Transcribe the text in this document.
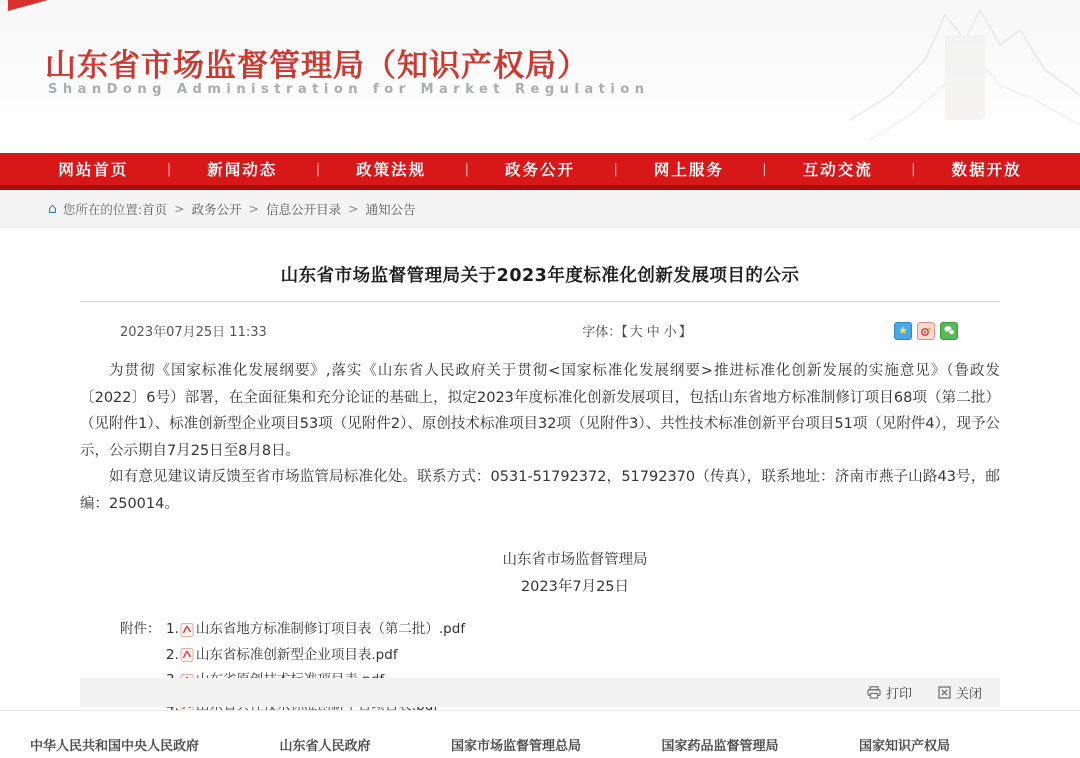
山东省市场监督管理局（知识产权局）
ShanDong Administration for Market Regulation
网站首页	|	新闻动态	|	政策法规	|	政务公开	|	网上服务	|	互动交流	|	数据开放
⌂ 您所在的位置: 首页 > 政务公开 > 信息公开目录 > 通知公告
山东省市场监督管理局关于2023年度标准化创新发展项目的公示
2023年07月25日 11:33	字体：【 大 中 小 】	★

为贯彻《国家标准化发展纲要》,落实《山东省人民政府关于贯彻<国家标准化发展纲要>推进标准化创新发展的实施意见》（鲁政发〔2022〕6号）部署，在全面征集和充分论证的基础上，拟定2023年度标准化创新发展项目，包括山东省地方标准制修订项目68项（第二批）（见附件1）、标准创新型企业项目53项（见附件2）、原创技术标准项目32项（见附件3）、共性技术标准创新平台项目51项（见附件4），现予公示，公示期自7月25日至8月8日。

如有意见建议请反馈至省市场监管局标准化处。联系方式：0531-51792372，51792370（传真），联系地址：济南市燕子山路43号，邮编：250014。

山东省市场监督管理局
2023年7月25日
附件： 1. 山东省地方标准制修订项目表（第二批）.pdf
2. 山东省标准创新型企业项目表.pdf
打印	关闭
中华人民共和国中央人民政府	山东省人民政府	国家市场监督管理总局	国家药品监督管理局	国家知识产权局
